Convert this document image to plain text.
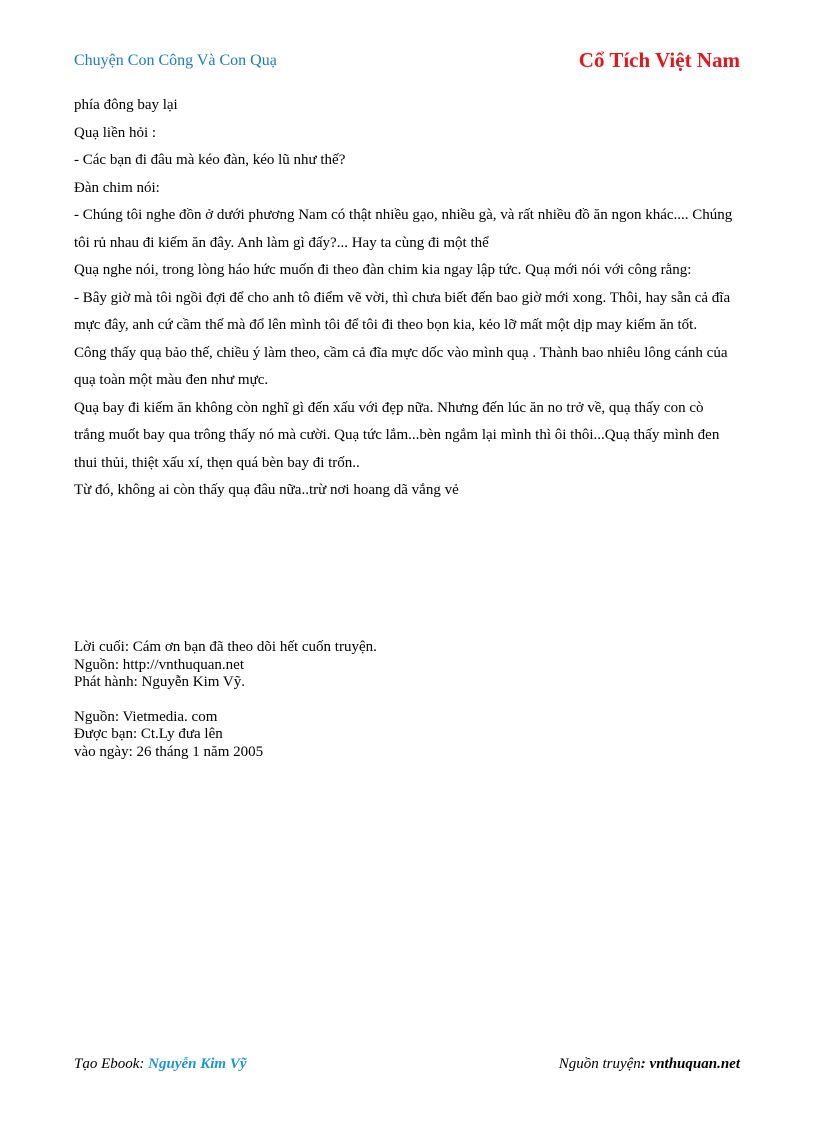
Chuyện Con Công Và Con Quạ	Cổ Tích Việt Nam

phía đông bay lại

Quạ liền hỏi :

- Các bạn đi đâu mà kéo đàn, kéo lũ như thế?

Đàn chim nói:

- Chúng tôi nghe đồn ở dưới phương Nam có thật nhiều gạo, nhiều gà, và rất nhiều đồ ăn ngon khác.... Chúng tôi rủ nhau đi kiếm ăn đây. Anh làm gì đấy?... Hay ta cùng đi một thể

Quạ nghe nói, trong lòng háo hức muốn đi theo đàn chim kia ngay lập tức. Quạ mới nói với công rằng:

- Bây giờ mà tôi ngồi đợi để cho anh tô điểm vẽ vời, thì chưa biết đến bao giờ mới xong. Thôi, hay sẵn cả đĩa mực đây, anh cứ cầm thế mà đổ lên mình tôi để tôi đi theo bọn kia, kẻo lỡ mất một dịp may kiếm ăn tốt.

Công thấy quạ bảo thế, chiều ý làm theo, cầm cả đĩa mực dốc vào mình quạ . Thành bao nhiêu lông cánh của quạ toàn một màu đen như mực.

Quạ bay đi kiếm ăn không còn nghĩ gì đến xấu với đẹp nữa. Nhưng đến lúc ăn no trở về, quạ thấy con cò trắng muốt bay qua trông thấy nó mà cười. Quạ tức lắm...bèn ngắm lại mình thì ôi thôi...Quạ thấy mình đen thui thủi, thiệt xấu xí, thẹn quá bèn bay đi trốn..

Từ đó, không ai còn thấy quạ đâu nữa..trừ nơi hoang dã vắng vẻ

Lời cuối: Cám ơn bạn đã theo dõi hết cuốn truyện.

Nguồn: http://vnthuquan.net

Phát hành: Nguyễn Kim Vỹ.

Nguồn: Vietmedia. com

Được bạn: Ct.Ly đưa lên

vào ngày: 26 tháng 1 năm 2005

Tạo Ebook: Nguyễn Kim Vỹ	Nguồn truyện: vnthuquan.net
